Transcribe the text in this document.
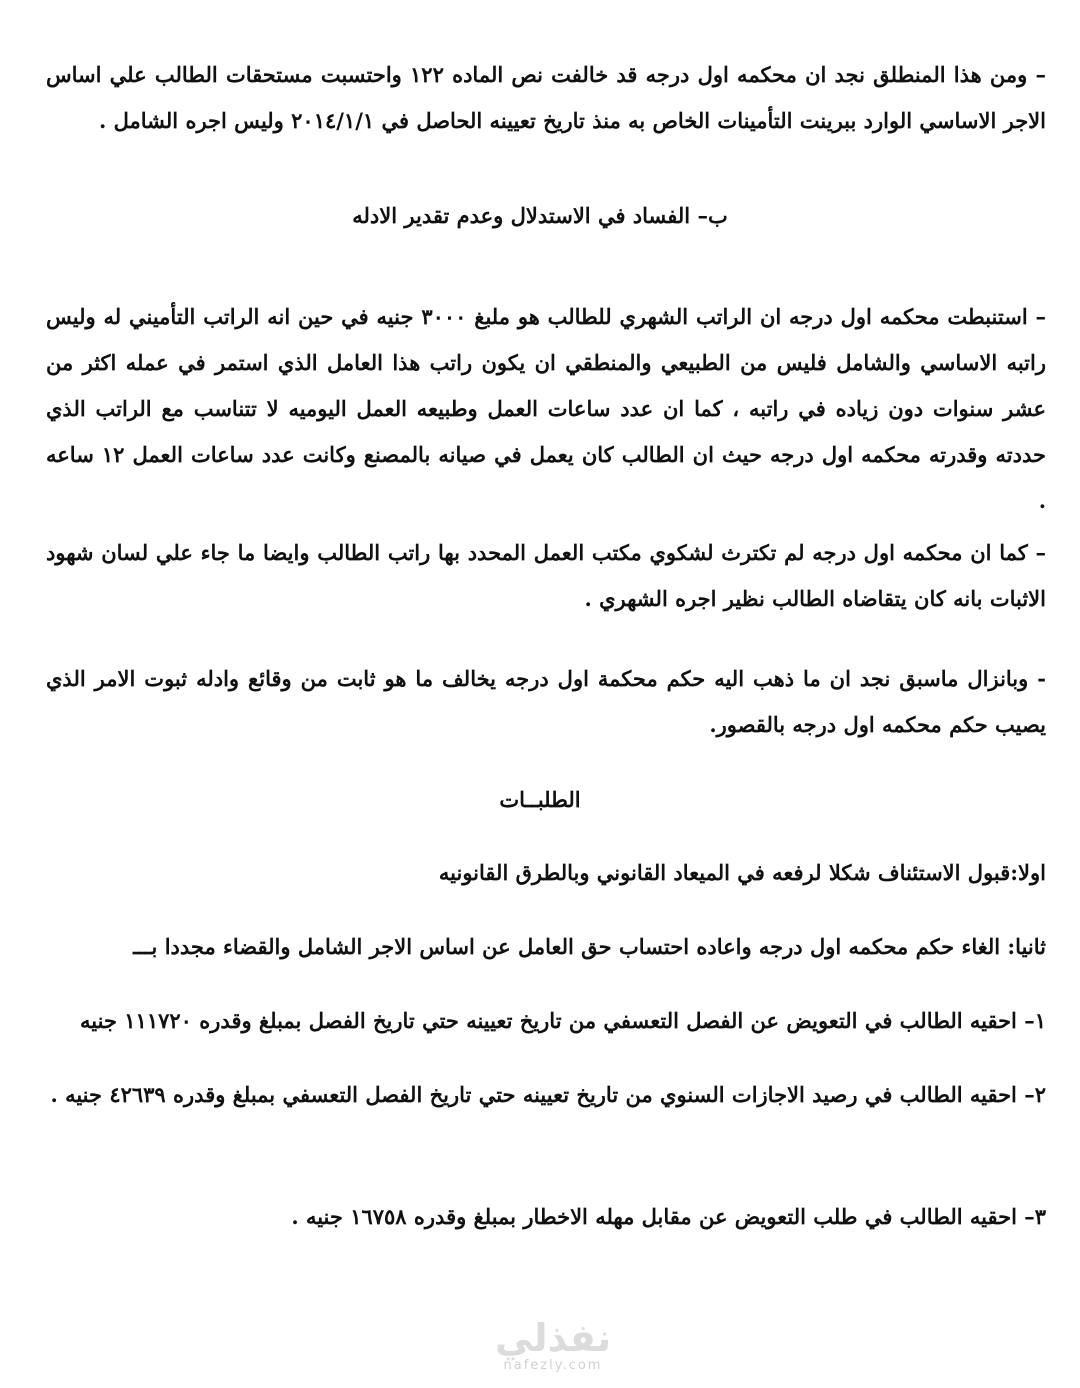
– ومن هذا المنطلق نجد ان محكمه اول درجه قد خالفت نص الماده ١٢٢ واحتسبت مستحقات الطالب علي اساس الاجر الاساسي الوارد ببرينت التأمينات الخاص به منذ تاريخ تعيينه الحاصل في ٢٠١٤/١/١ وليس اجره الشامل .

ب– الفساد في الاستدلال وعدم تقدير الادله

– استنبطت محكمه اول درجه ان الراتب الشهري للطالب هو ملبغ ٣٠٠٠ جنيه في حين انه الراتب التأميني له وليس راتبه الاساسي والشامل فليس من الطبيعي والمنطقي ان يكون راتب هذا العامل الذي استمر في عمله اكثر من عشر سنوات دون زياده في راتبه ، كما ان عدد ساعات العمل وطبيعه العمل اليوميه لا تتناسب مع الراتب الذي حددته وقدرته محكمه اول درجه حيث ان الطالب كان يعمل في صيانه بالمصنع وكانت عدد ساعات العمل ١٢ ساعه .

– كما ان محكمه اول درجه لم تكترث لشكوي مكتب العمل المحدد بها راتب الطالب وايضا ما جاء علي لسان شهود الاثبات بانه كان يتقاضاه الطالب نظير اجره الشهري .

- وبانزال ماسبق نجد ان ما ذهب اليه حكم محكمة اول درجه يخالف ما هو ثابت من وقائع وادله ثبوت الامر الذي يصيب حكم محكمه اول درجه بالقصور.

الطلبــات

اولا:قبول الاستئناف شكلا لرفعه في الميعاد القانوني وبالطرق القانونيه

ثانيا: الغاء حكم محكمه اول درجه واعاده احتساب حق العامل عن اساس الاجر الشامل والقضاء مجددا بـــ

١– احقيه الطالب في التعويض عن الفصل التعسفي من تاريخ تعيينه حتي تاريخ الفصل بمبلغ وقدره ١١١٧٢٠ جنيه

٢– احقيه الطالب في رصيد الاجازات السنوي من تاريخ تعيينه حتي تاريخ الفصل التعسفي بمبلغ وقدره ٤٢٦٣٩ جنيه .

٣– احقيه الطالب في طلب التعويض عن مقابل مهله الاخطار بمبلغ وقدره ١٦٧٥٨ جنيه .

نفذلي
nafezly.com
